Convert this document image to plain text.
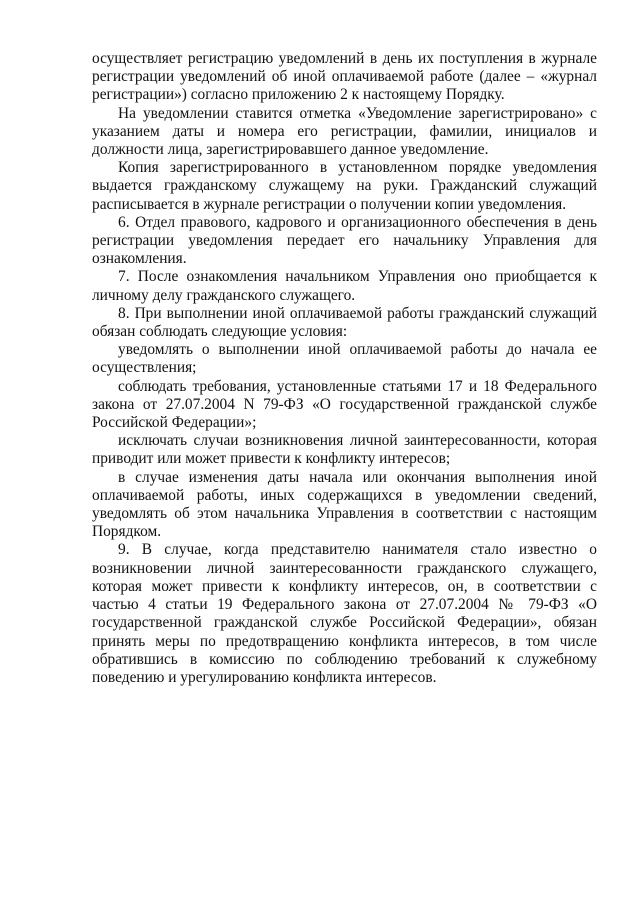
осуществляет регистрацию уведомлений в день их поступления в журнале регистрации уведомлений об иной оплачиваемой работе (далее – «журнал регистрации») согласно приложению 2 к настоящему Порядку.

На уведомлении ставится отметка «Уведомление зарегистрировано» с указанием даты и номера его регистрации, фамилии, инициалов и должности лица, зарегистрировавшего данное уведомление.

Копия зарегистрированного в установленном порядке уведомления выдается гражданскому служащему на руки. Гражданский служащий расписывается в журнале регистрации о получении копии уведомления.

6. Отдел правового, кадрового и организационного обеспечения в день регистрации уведомления передает его начальнику Управления для ознакомления.

7. После ознакомления начальником Управления оно приобщается к личному делу гражданского служащего.

8. При выполнении иной оплачиваемой работы гражданский служащий обязан соблюдать следующие условия:

уведомлять о выполнении иной оплачиваемой работы до начала ее осуществления;

соблюдать требования, установленные статьями 17 и 18 Федерального закона от 27.07.2004 N 79-ФЗ «О государственной гражданской службе Российской Федерации»;

исключать случаи возникновения личной заинтересованности, которая приводит или может привести к конфликту интересов;

в случае изменения даты начала или окончания выполнения иной оплачиваемой работы, иных содержащихся в уведомлении сведений, уведомлять об этом начальника Управления в соответствии с настоящим Порядком.

9. В случае, когда представителю нанимателя стало известно о возникновении личной заинтересованности гражданского служащего, которая может привести к конфликту интересов, он, в соответствии с частью 4 статьи 19 Федерального закона от 27.07.2004 № 79-ФЗ «О государственной гражданской службе Российской Федерации», обязан принять меры по предотвращению конфликта интересов, в том числе обратившись в комиссию по соблюдению требований к служебному поведению и урегулированию конфликта интересов.
